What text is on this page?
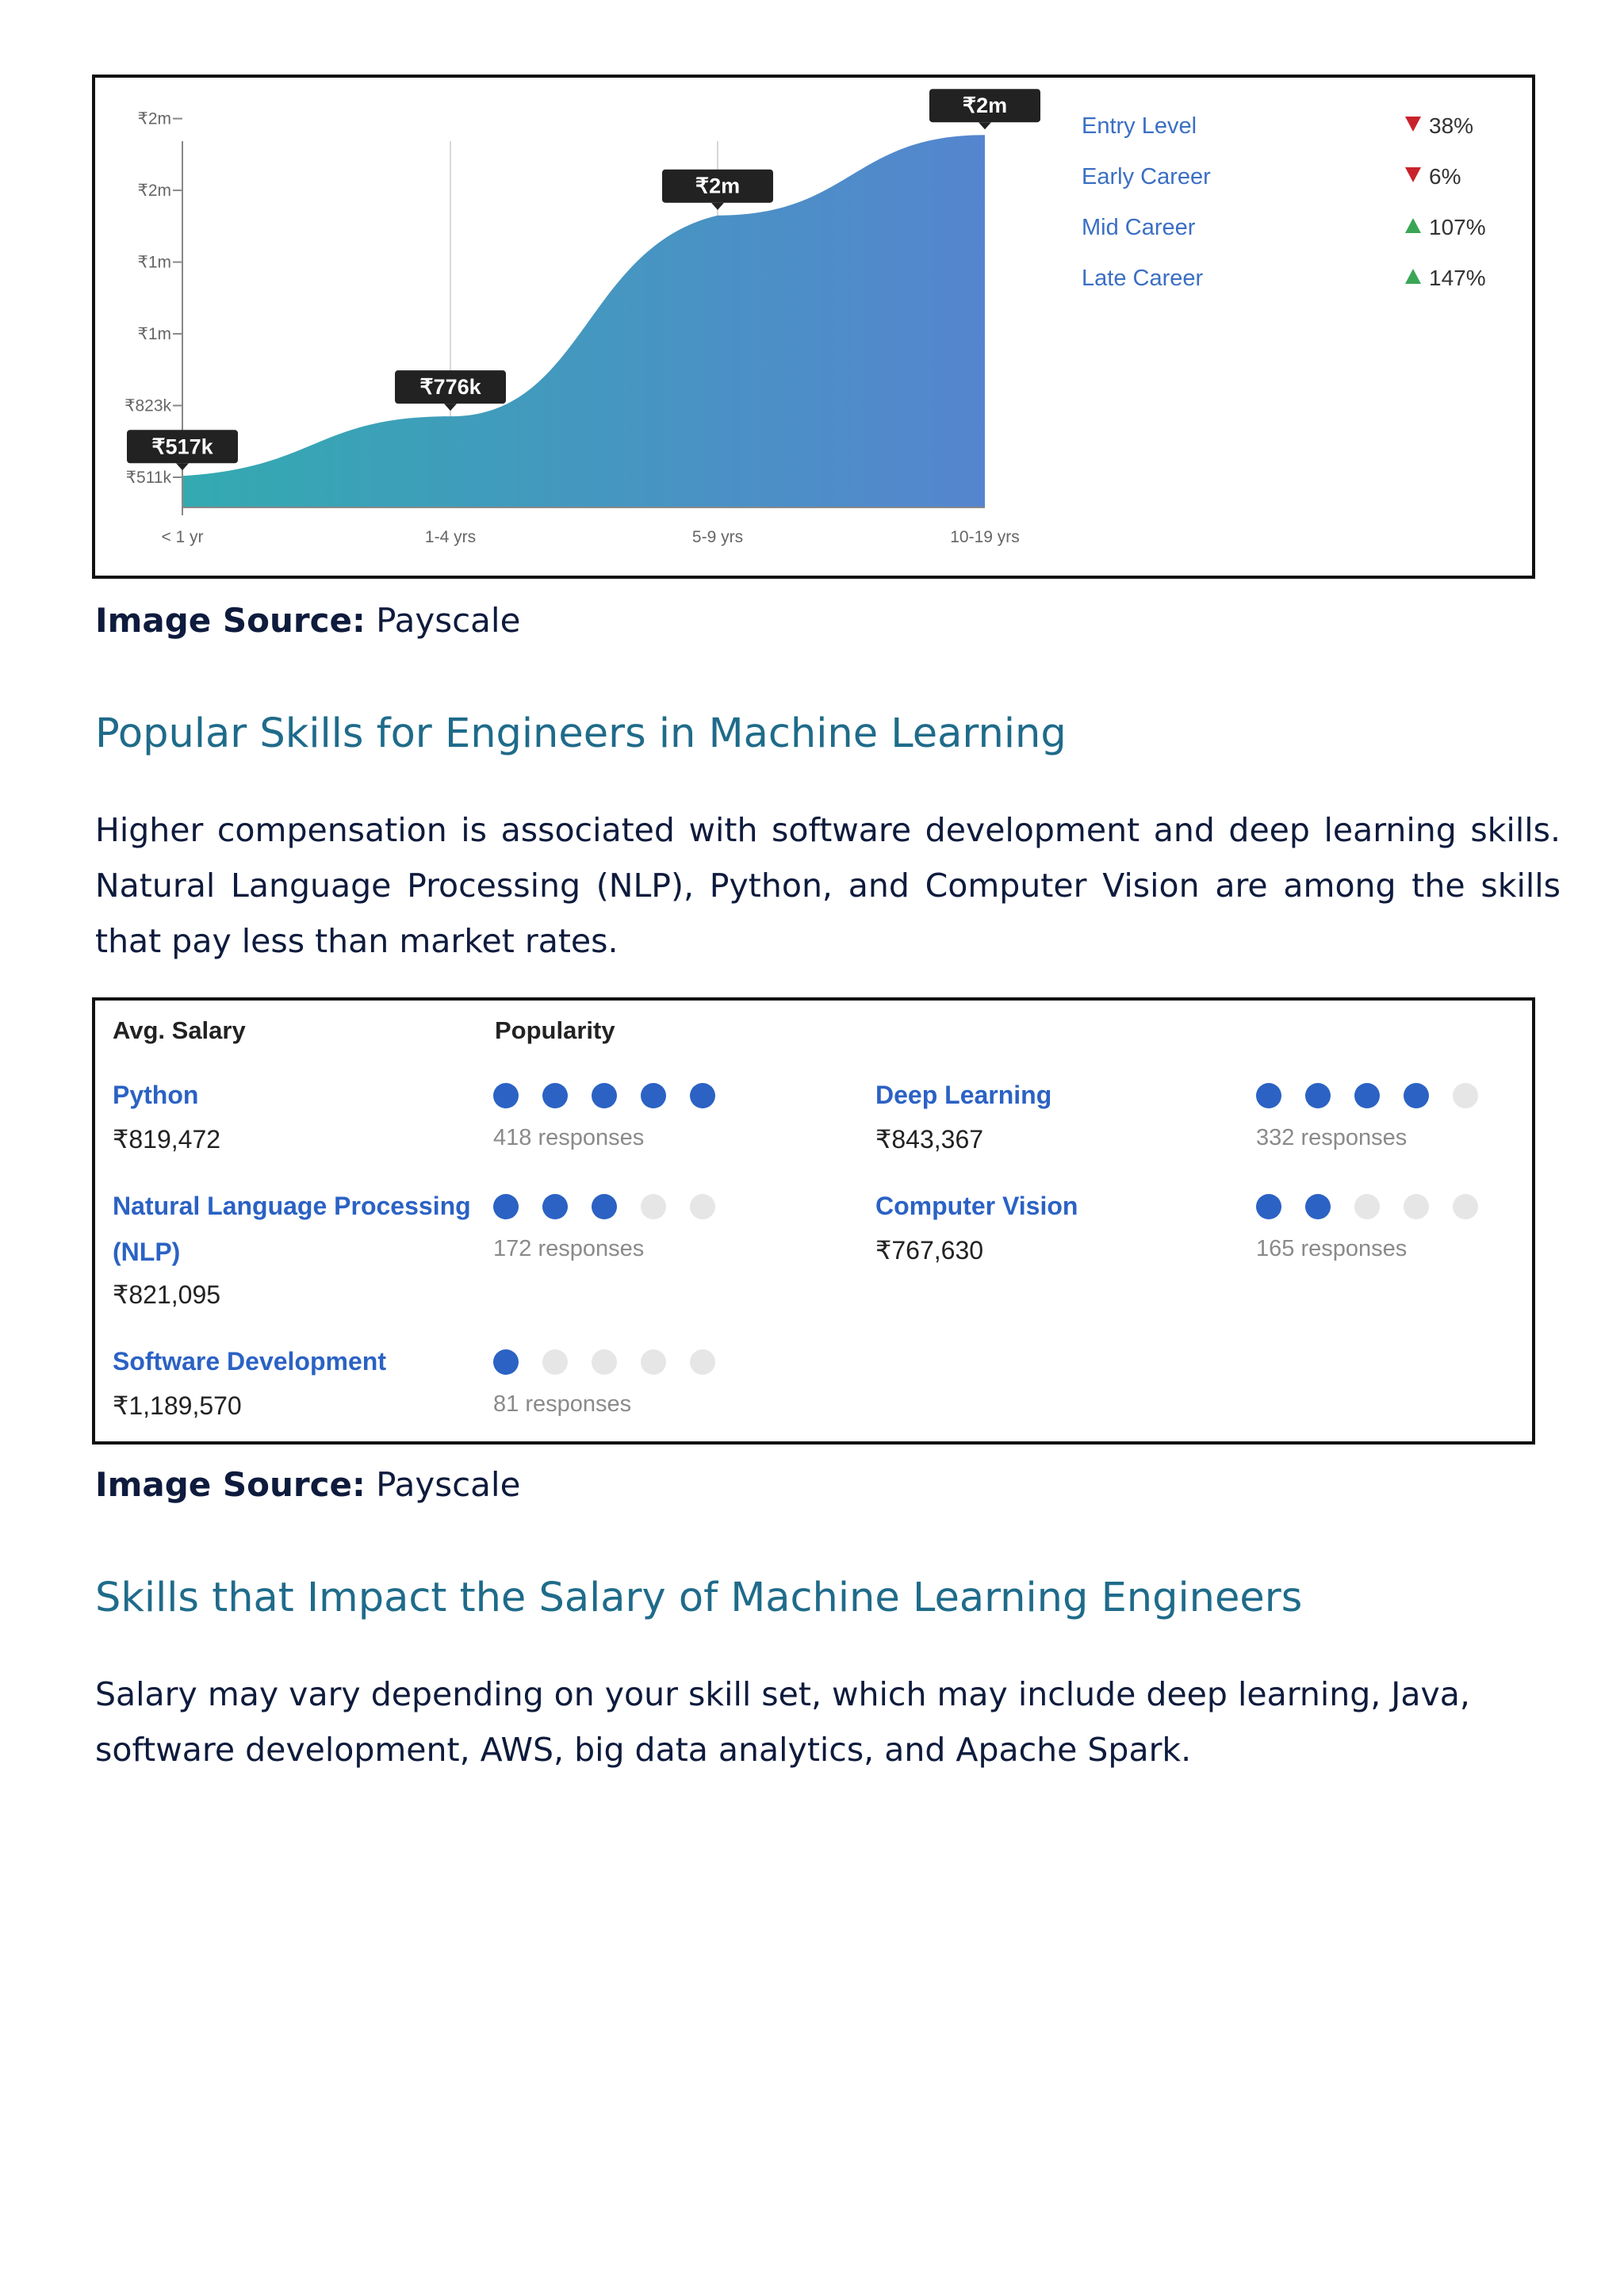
₹511k
₹823k
₹1m
₹1m
₹2m
₹2m
< 1 yr	1-4 yrs	5-9 yrs	10-19 yrs
₹517k
₹776k
₹2m
₹2m
Entry Level	38%
Early Career	6%
Mid Career	107%
Late Career	147%

Image Source: Payscale

Popular Skills for Engineers in Machine Learning

Higher compensation is associated with software development and deep learning skills. Natural Language Processing (NLP), Python, and Computer Vision are among the skills that pay less than market rates.

Avg. Salary	Popularity
Python
₹819,472	418 responses
Deep Learning
₹843,367	332 responses
Natural Language Processing
(NLP)
₹821,095
172 responses
Computer Vision
₹767,630	165 responses
Software Development
₹1,189,570	81 responses

Image Source: Payscale

Skills that Impact the Salary of Machine Learning Engineers

Salary may vary depending on your skill set, which may include deep learning, Java, software development, AWS, big data analytics, and Apache Spark.
